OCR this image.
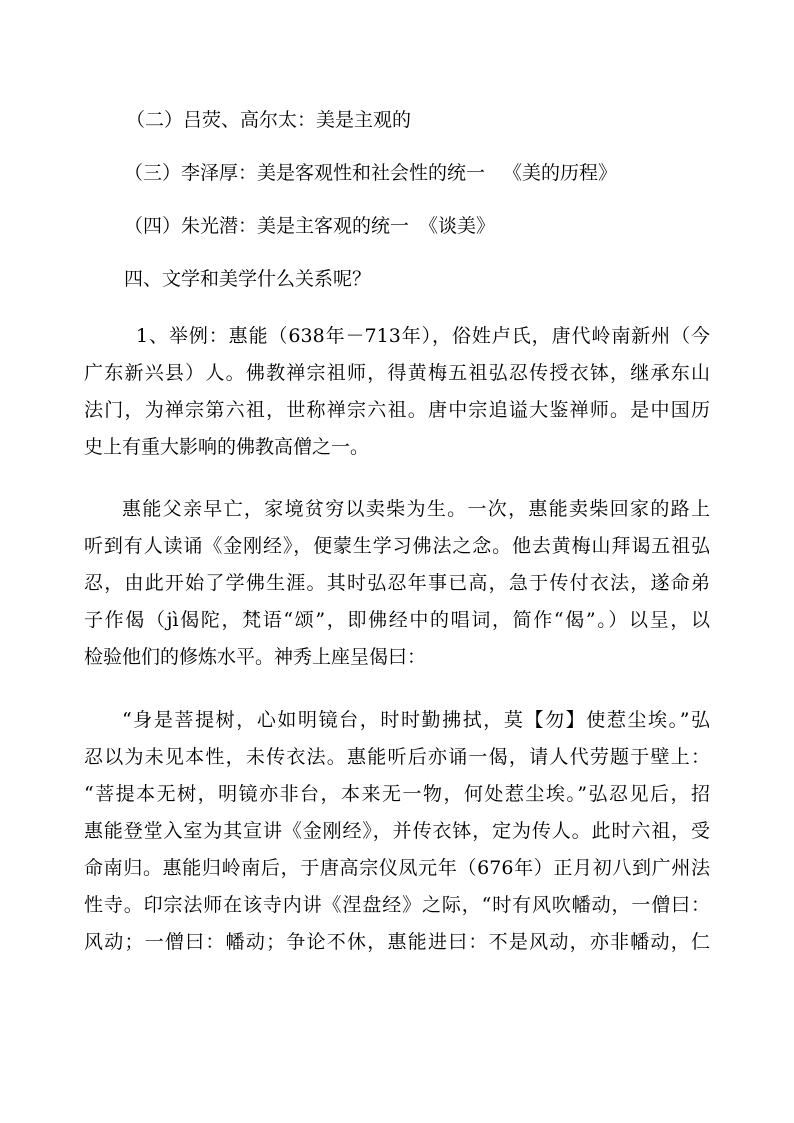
（二）吕荧、高尔太：美是主观的
（三）李泽厚：美是客观性和社会性的统一 《美的历程》
（四）朱光潜：美是主客观的统一 《谈美》
四、文学和美学什么关系呢？
1、举例：惠能（638年－713年），俗姓卢氏，唐代岭南新州（今
广东新兴县）人。佛教禅宗祖师，得黄梅五祖弘忍传授衣钵，继承东山
法门，为禅宗第六祖，世称禅宗六祖。唐中宗追谥大鉴禅师。是中国历
史上有重大影响的佛教高僧之一。
惠能父亲早亡，家境贫穷以卖柴为生。一次，惠能卖柴回家的路上
听到有人读诵《金刚经》，便蒙生学习佛法之念。他去黄梅山拜谒五祖弘
忍，由此开始了学佛生涯。其时弘忍年事已高，急于传付衣法，遂命弟
子作偈（jì偈陀，梵语“颂”，即佛经中的唱词，简作“偈”。）以呈，以
检验他们的修炼水平。神秀上座呈偈曰：
“身是菩提树，心如明镜台，时时勤拂拭，莫【勿】使惹尘埃。”弘
忍以为未见本性，未传衣法。惠能听后亦诵一偈，请人代劳题于壁上：
“菩提本无树，明镜亦非台，本来无一物，何处惹尘埃。”弘忍见后，招
惠能登堂入室为其宣讲《金刚经》，并传衣钵，定为传人。此时六祖，受
命南归。惠能归岭南后，于唐高宗仪凤元年（676年）正月初八到广州法
性寺。印宗法师在该寺内讲《涅盘经》之际，“时有风吹幡动，一僧曰：
风动；一僧曰：幡动；争论不休，惠能进曰：不是风动，亦非幡动，仁
